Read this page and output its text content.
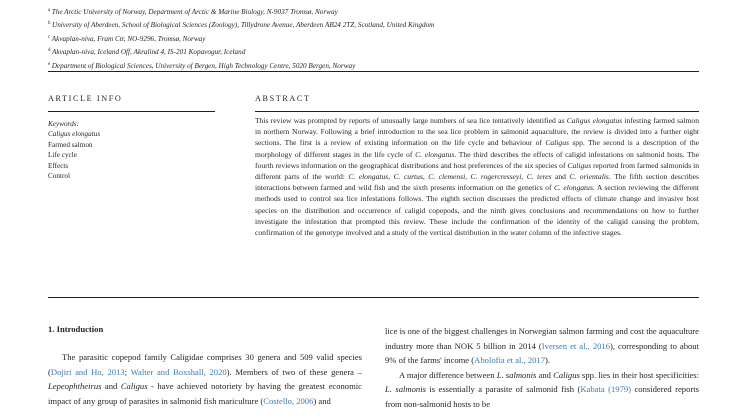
$^a$ The Arctic University of Norway, Department of Arctic & Marine Biology, N-9037 Tromsø, Norway
$^b$ University of Aberdeen, School of Biological Sciences (Zoology), Tillydrone Avenue, Aberdeen AB24 2TZ, Scotland, United Kingdom
$^c$ Akvaplan-niva, Fram Ctr, NO-9296, Tromsø, Norway
$^d$ Akvaplan-niva, Iceland Off, Akralind 4, IS-201 Kopavogur, Iceland
$^e$ Department of Biological Sciences, University of Bergen, High Technology Centre, 5020 Bergen, Norway
ARTICLE INFO	ABSTRACT
Keywords:
Caligus elongatus
Farmed salmon
Life cycle
Effects
Control
This review was prompted by reports of unusually large numbers of sea lice tentatively identified as Caligus elongatus infesting farmed salmon in northern Norway. Following a brief introduction to the sea lice problem in salmonid aquaculture, the review is divided into a further eight sections. The first is a review of existing information on the life cycle and behaviour of Caligus spp. The second is a description of the morphology of different stages in the life cycle of C. elongatus. The third describes the effects of caligid infestations on salmonid hosts. The fourth reviews information on the geographical distributions and host preferences of the six species of Caligus reported from farmed salmonids in different parts of the world: C. elongatus, C. curtus, C. clemensi, C. rogercresseyi, C. teres and C. orientalis. The fifth section describes interactions between farmed and wild fish and the sixth presents information on the genetics of C. elongatus. A section reviewing the different methods used to control sea lice infestations follows. The eighth section discusses the predicted effects of climate change and invasive host species on the distribution and occurrence of caligid copepods, and the ninth gives conclusions and recommendations on how to further investigate the infestation that prompted this review. These include the confirmation of the identity of the caligid causing the problem, confirmation of the genotype involved and a study of the vertical distribution in the water column of the infective stages.
1. Introduction
The parasitic copepod family Caligidae comprises 30 genera and 509 valid species (Dojiri and Ho, 2013; Walter and Boxshall, 2020). Members of two of these genera – Lepeophtheirus and Caligus - have achieved notoriety by having the greatest economic impact of any group of parasites in salmonid fish mariculture (Costello, 2006) and
lice is one of the biggest challenges in Norwegian salmon farming and cost the aquaculture industry more than NOK 5 billion in 2014 (Iversen et al., 2016), corresponding to about 9% of the farms' income (Abolofia et al., 2017).
A major difference between L. salmonis and Caligus spp. lies in their host specificities: L. salmonis is essentially a parasite of salmonid fish (Kabata (1979) considered reports from non-salmonid hosts to be
